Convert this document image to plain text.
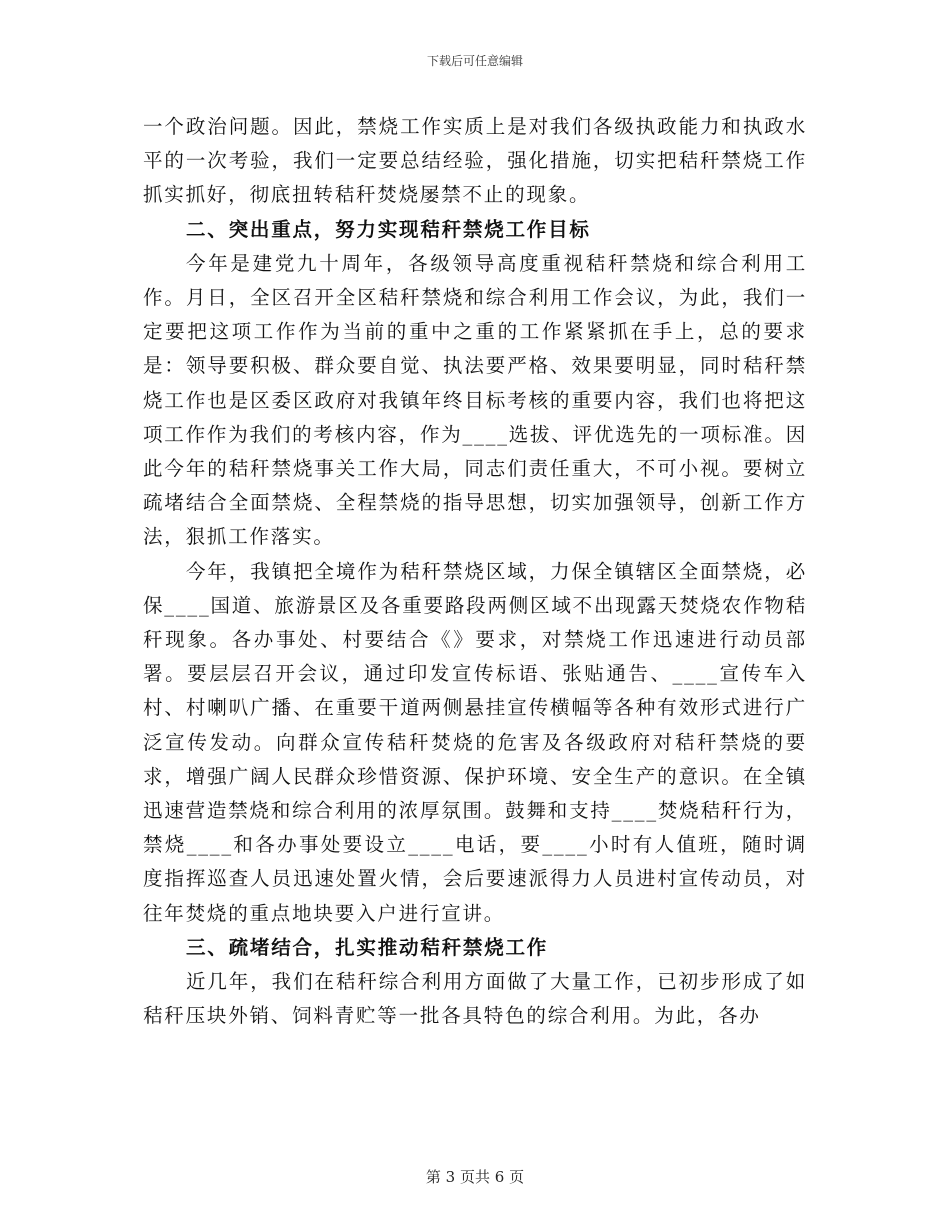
下载后可任意编辑

一个政治问题。因此，禁烧工作实质上是对我们各级执政能力和执政水平的一次考验，我们一定要总结经验，强化措施，切实把秸秆禁烧工作抓实抓好，彻底扭转秸秆焚烧屡禁不止的现象。

二、突出重点，努力实现秸秆禁烧工作目标

今年是建党九十周年，各级领导高度重视秸秆禁烧和综合利用工作。月日，全区召开全区秸秆禁烧和综合利用工作会议，为此，我们一定要把这项工作作为当前的重中之重的工作紧紧抓在手上，总的要求是：领导要积极、群众要自觉、执法要严格、效果要明显，同时秸秆禁烧工作也是区委区政府对我镇年终目标考核的重要内容，我们也将把这项工作作为我们的考核内容，作为____选拔、评优选先的一项标准。因此今年的秸秆禁烧事关工作大局，同志们责任重大，不可小视。要树立疏堵结合全面禁烧、全程禁烧的指导思想，切实加强领导，创新工作方法，狠抓工作落实。

今年，我镇把全境作为秸秆禁烧区域，力保全镇辖区全面禁烧，必保____国道、旅游景区及各重要路段两侧区域不出现露天焚烧农作物秸秆现象。各办事处、村要结合《》要求，对禁烧工作迅速进行动员部署。要层层召开会议，通过印发宣传标语、张贴通告、____宣传车入村、村喇叭广播、在重要干道两侧悬挂宣传横幅等各种有效形式进行广泛宣传发动。向群众宣传秸秆焚烧的危害及各级政府对秸秆禁烧的要求，增强广阔人民群众珍惜资源、保护环境、安全生产的意识。在全镇迅速营造禁烧和综合利用的浓厚氛围。鼓舞和支持____焚烧秸秆行为，禁烧____和各办事处要设立____电话，要____小时有人值班，随时调度指挥巡查人员迅速处置火情，会后要速派得力人员进村宣传动员，对往年焚烧的重点地块要入户进行宣讲。

三、疏堵结合，扎实推动秸秆禁烧工作

近几年，我们在秸秆综合利用方面做了大量工作，已初步形成了如秸秆压块外销、饲料青贮等一批各具特色的综合利用。为此，各办

第 3 页共 6 页
